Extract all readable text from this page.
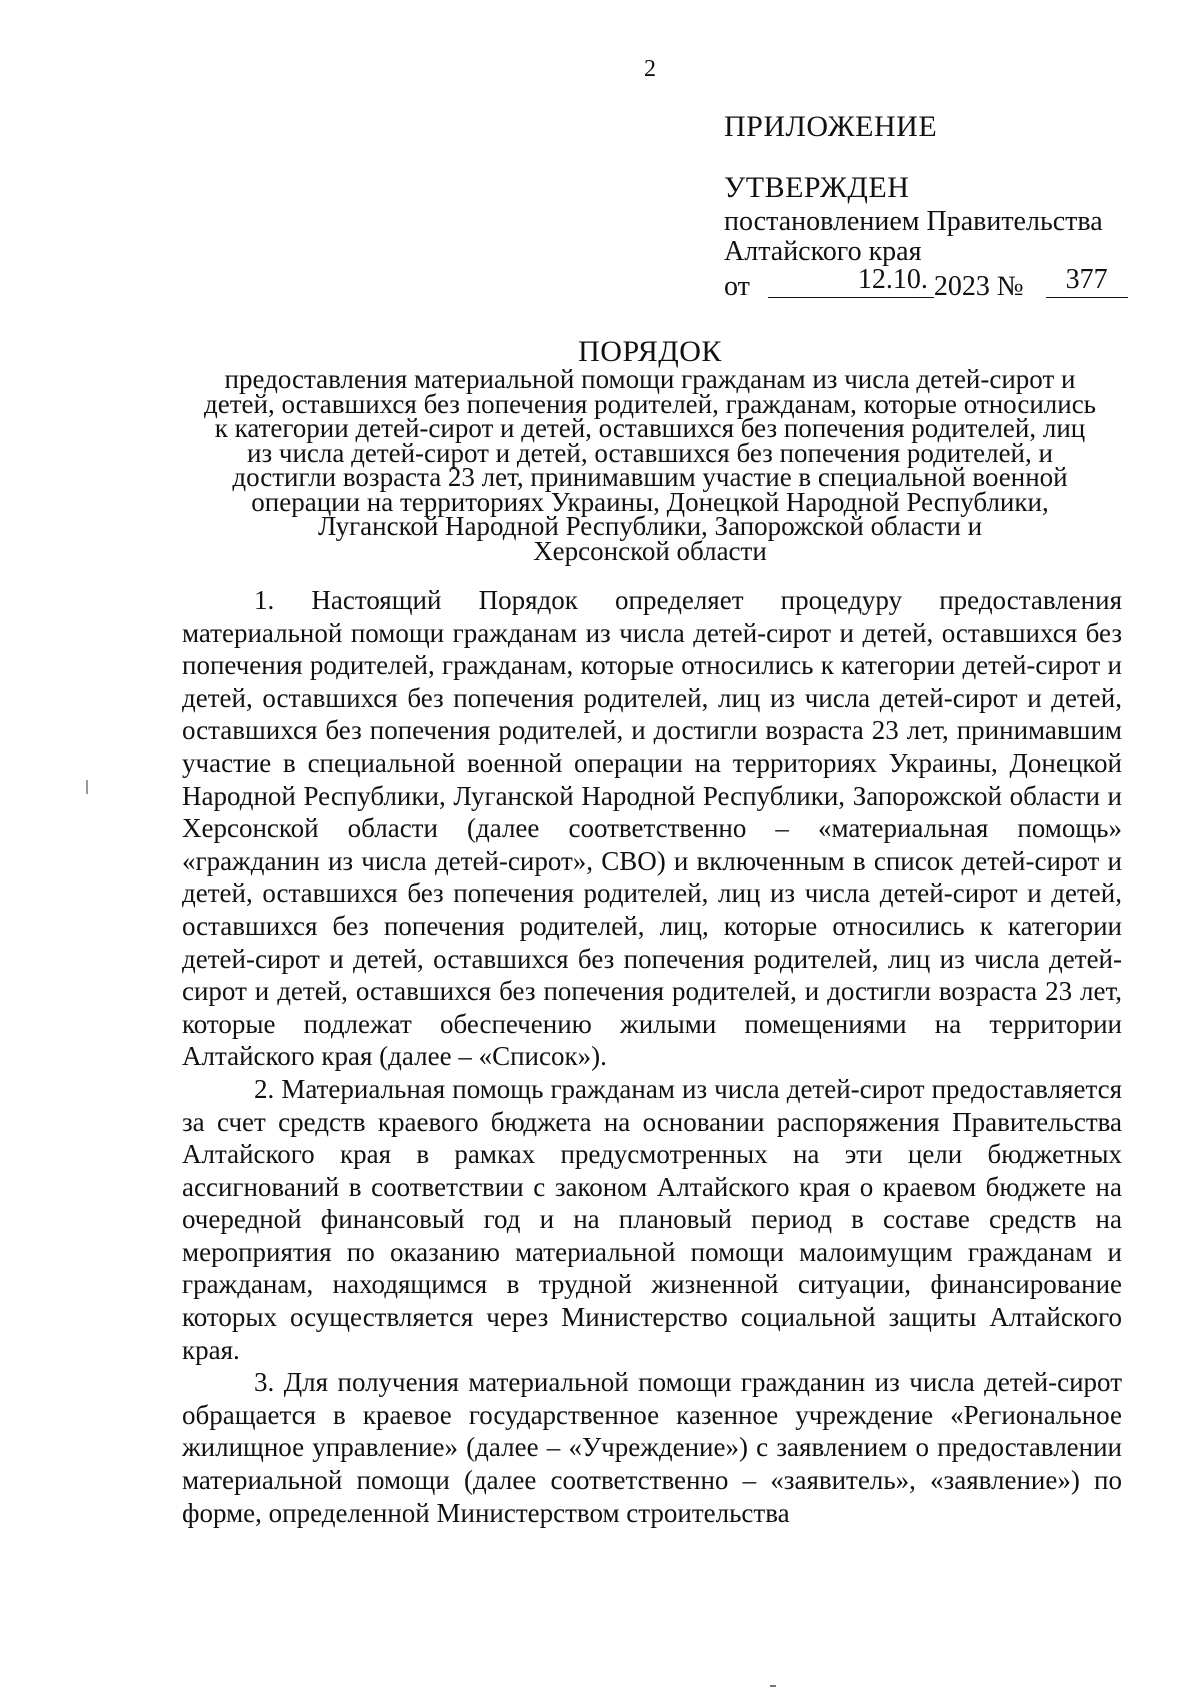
2
ПРИЛОЖЕНИЕ
УТВЕРЖДЕН
постановлением Правительства
Алтайского края
от	12.10. 2023 №	377
ПОРЯДОК

предоставления материальной помощи гражданам из числа детей-сирот и

детей, оставшихся без попечения родителей, гражданам, которые относились

к категории детей-сирот и детей, оставшихся без попечения родителей, лиц

из числа детей-сирот и детей, оставшихся без попечения родителей, и

достигли возраста 23 лет, принимавшим участие в специальной военной

операции на территориях Украины, Донецкой Народной Республики,

Луганской Народной Республики, Запорожской области и

Херсонской области

1. Настоящий Порядок определяет процедуру предоставления материальной помощи гражданам из числа детей-сирот и детей, оставшихся без попечения родителей, гражданам, которые относились к категории детей-сирот и детей, оставшихся без попечения родителей, лиц из числа детей-сирот и детей, оставшихся без попечения родителей, и достигли возраста 23 лет, принимавшим участие в специальной военной операции на территориях Украины, Донецкой Народной Республики, Луганской Народной Республики, Запорожской области и Херсонской области (далее соответственно – «материальная помощь» «гражданин из числа детей-сирот», СВО) и включенным в список детей-сирот и детей, оставшихся без попечения родителей, лиц из числа детей-сирот и детей, оставшихся без попечения родителей, лиц, которые относились к категории детей-сирот и детей, оставшихся без попечения родителей, лиц из числа детей-сирот и детей, оставшихся без попечения родителей, и достигли возраста 23 лет, которые подлежат обеспечению жилыми помещениями на территории Алтайского края (далее – «Список»).

2. Материальная помощь гражданам из числа детей-сирот предоставляется за счет средств краевого бюджета на основании распоряжения Правительства Алтайского края в рамках предусмотренных на эти цели бюджетных ассигнований в соответствии с законом Алтайского края о краевом бюджете на очередной финансовый год и на плановый период в составе средств на мероприятия по оказанию материальной помощи малоимущим гражданам и гражданам, находящимся в трудной жизненной ситуации, финансирование которых осуществляется через Министерство социальной защиты Алтайского края.

3. Для получения материальной помощи гражданин из числа детей-сирот обращается в краевое государственное казенное учреждение «Региональное жилищное управление» (далее – «Учреждение») с заявлением о предоставлении материальной помощи (далее соответственно – «заявитель», «заявление») по форме, определенной Министерством строительства
